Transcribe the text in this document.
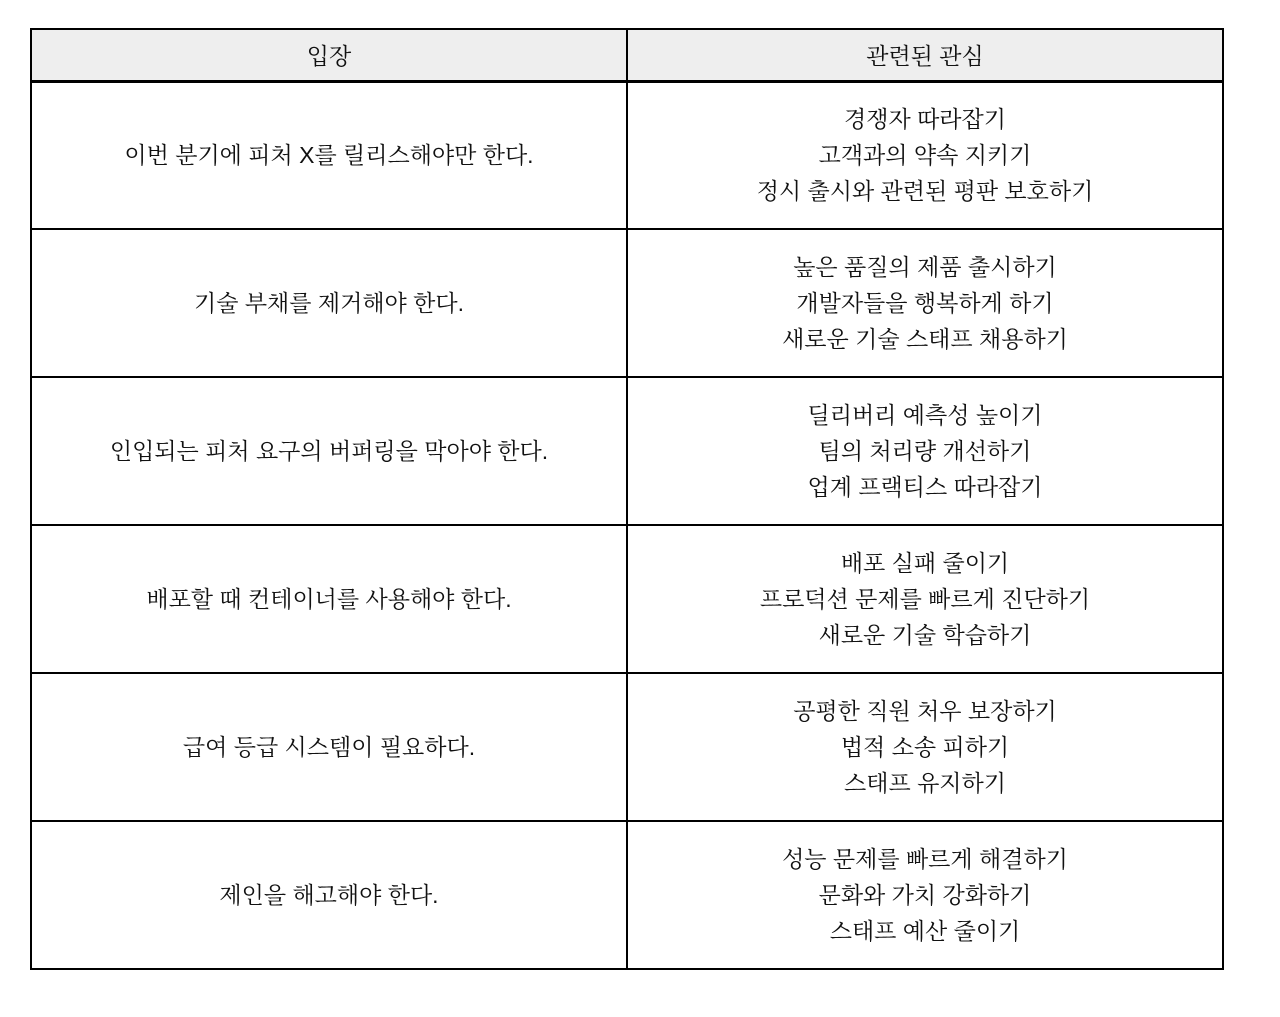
입장	관련된 관심

이번 분기에 피처 X를 릴리스해야만 한다.	경쟁자 따라잡기
고객과의 약속 지키기
정시 출시와 관련된 평판 보호하기

기술 부채를 제거해야 한다.	높은 품질의 제품 출시하기
개발자들을 행복하게 하기
새로운 기술 스태프 채용하기

인입되는 피처 요구의 버퍼링을 막아야 한다.	딜리버리 예측성 높이기
팀의 처리량 개선하기
업계 프랙티스 따라잡기

배포할 때 컨테이너를 사용해야 한다.	배포 실패 줄이기
프로덕션 문제를 빠르게 진단하기
새로운 기술 학습하기

급여 등급 시스템이 필요하다.	공평한 직원 처우 보장하기
법적 소송 피하기
스태프 유지하기

제인을 해고해야 한다.	성능 문제를 빠르게 해결하기
문화와 가치 강화하기
스태프 예산 줄이기
